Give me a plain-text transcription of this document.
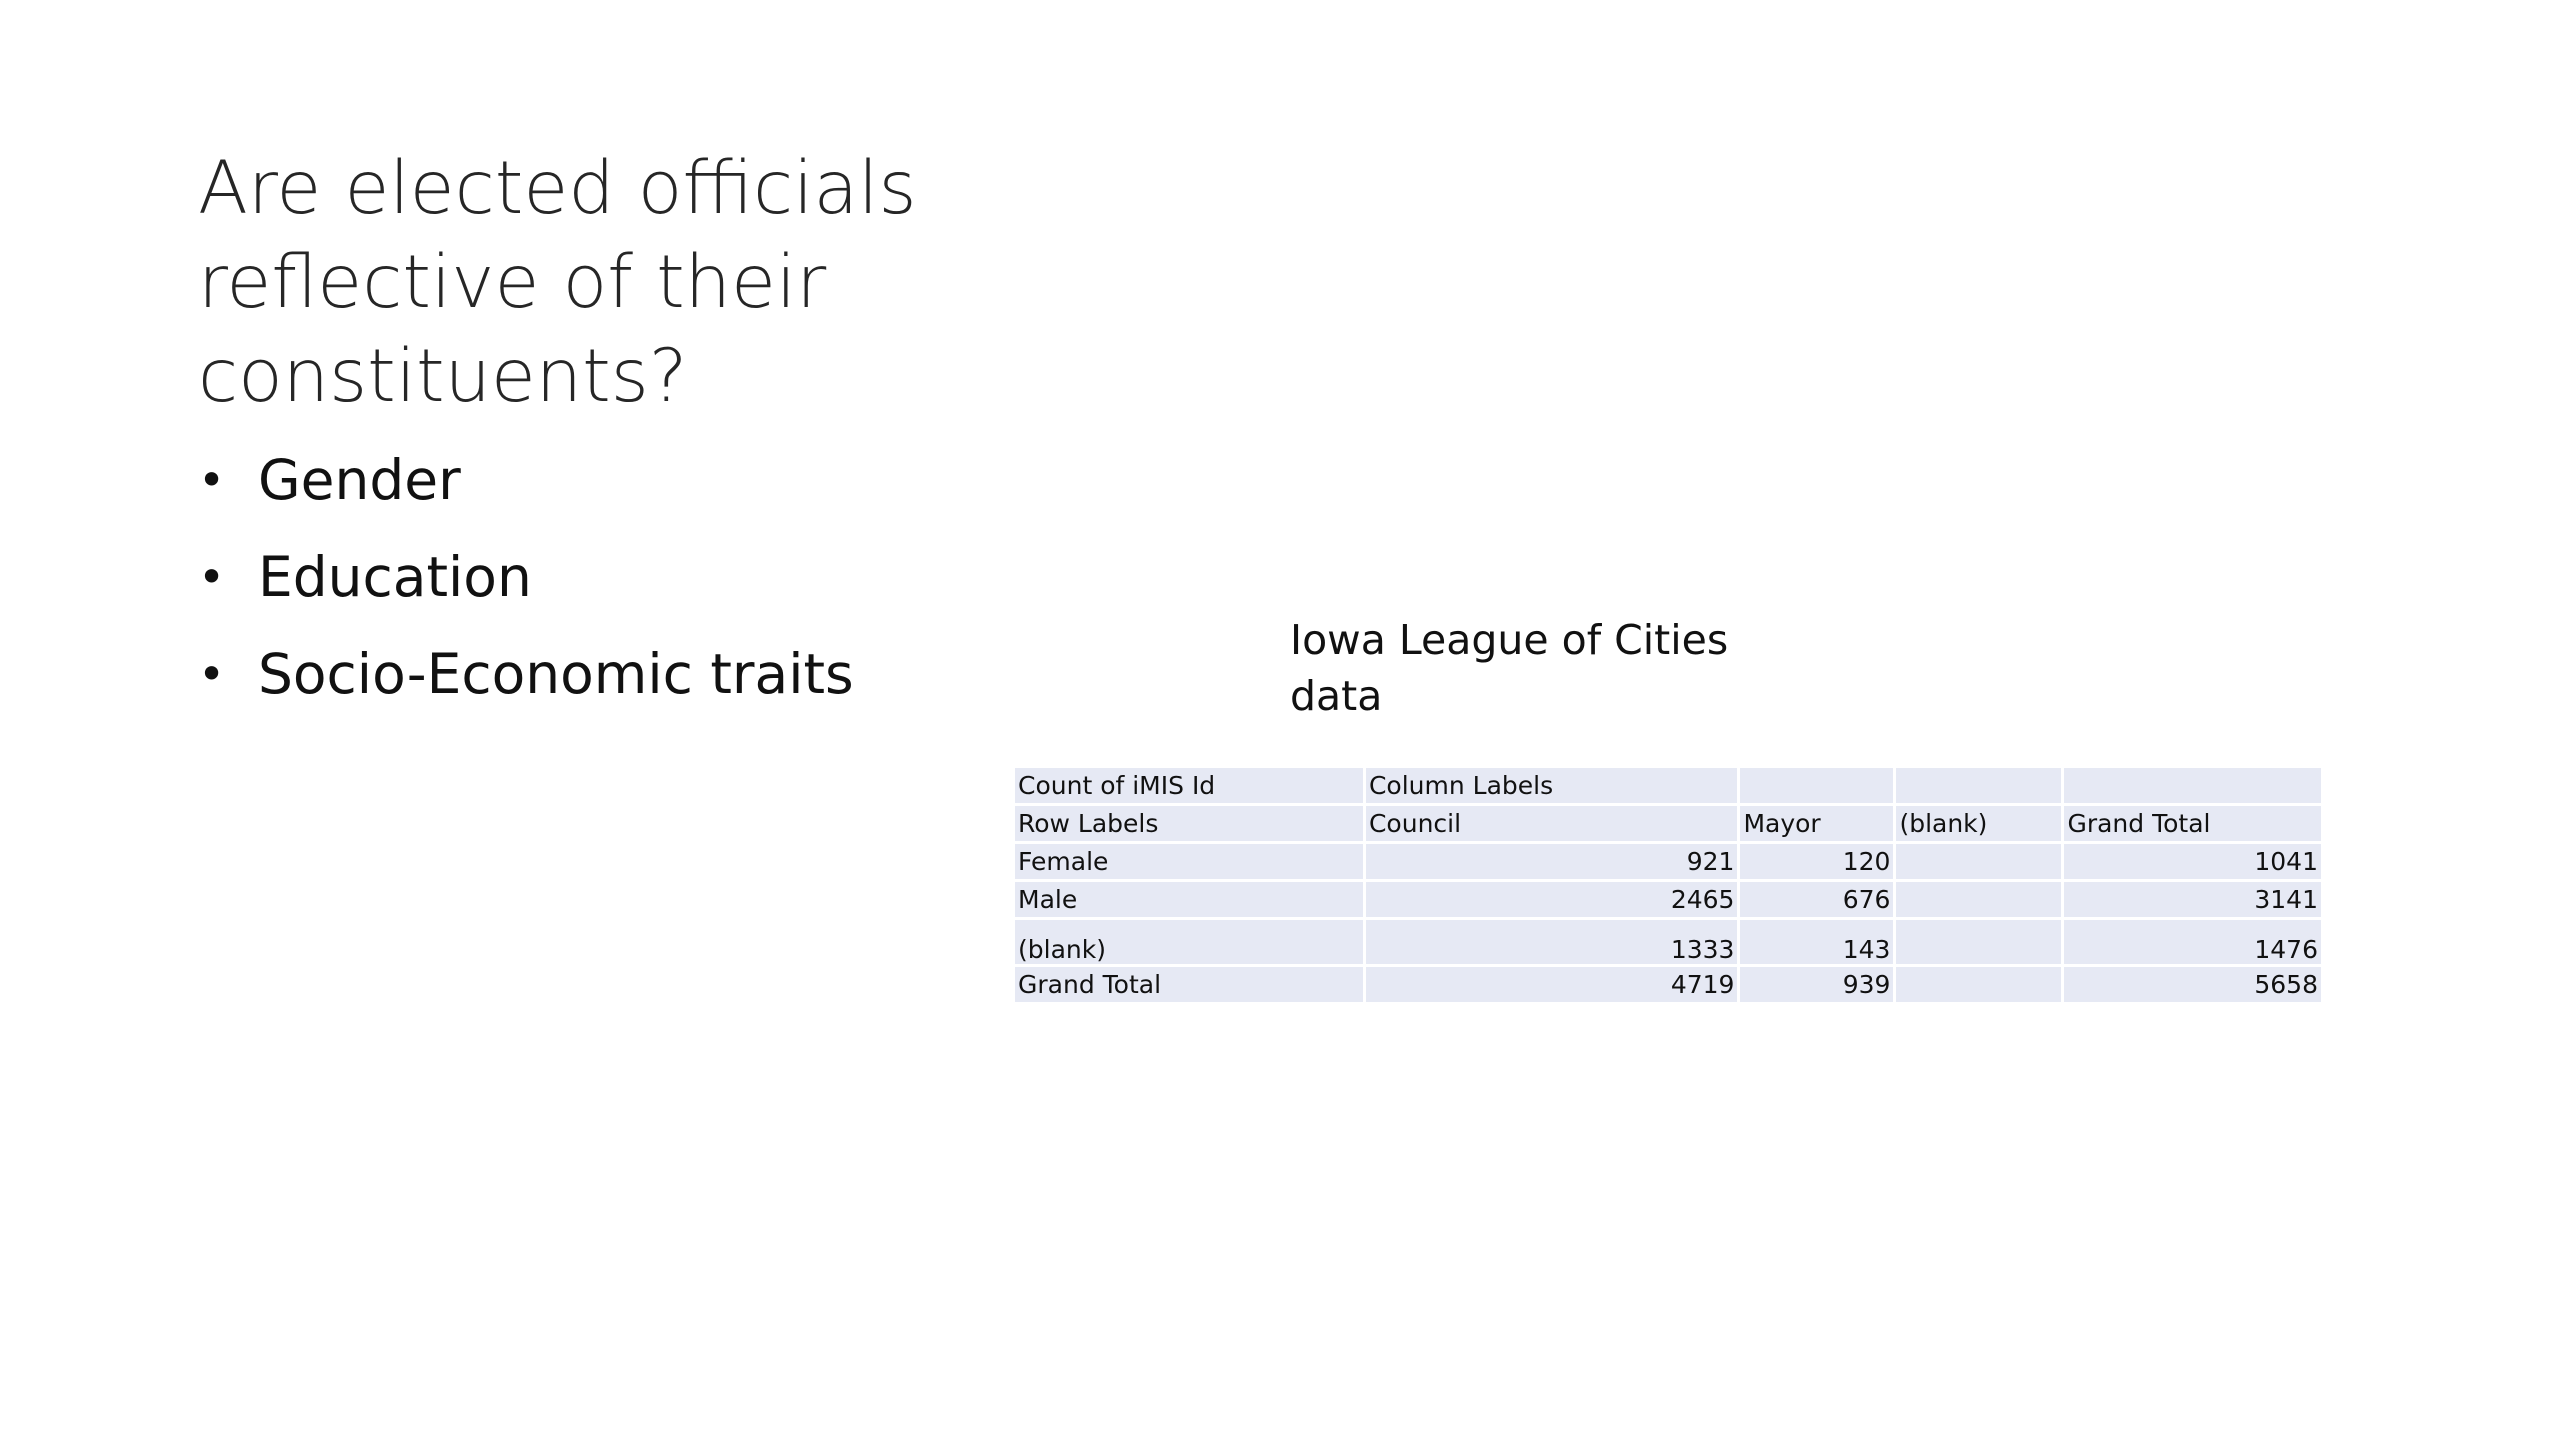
Are elected officials reflective of their constituents?
• Gender
• Education
• Socio-Economic traits
Iowa League of Cities data
Count of iMIS Id	Column Labels			
Row Labels	Council	Mayor	(blank)	Grand Total
Female	921	120		1041
Male	2465	676		3141
(blank)	1333	143		1476
Grand Total	4719	939		5658
